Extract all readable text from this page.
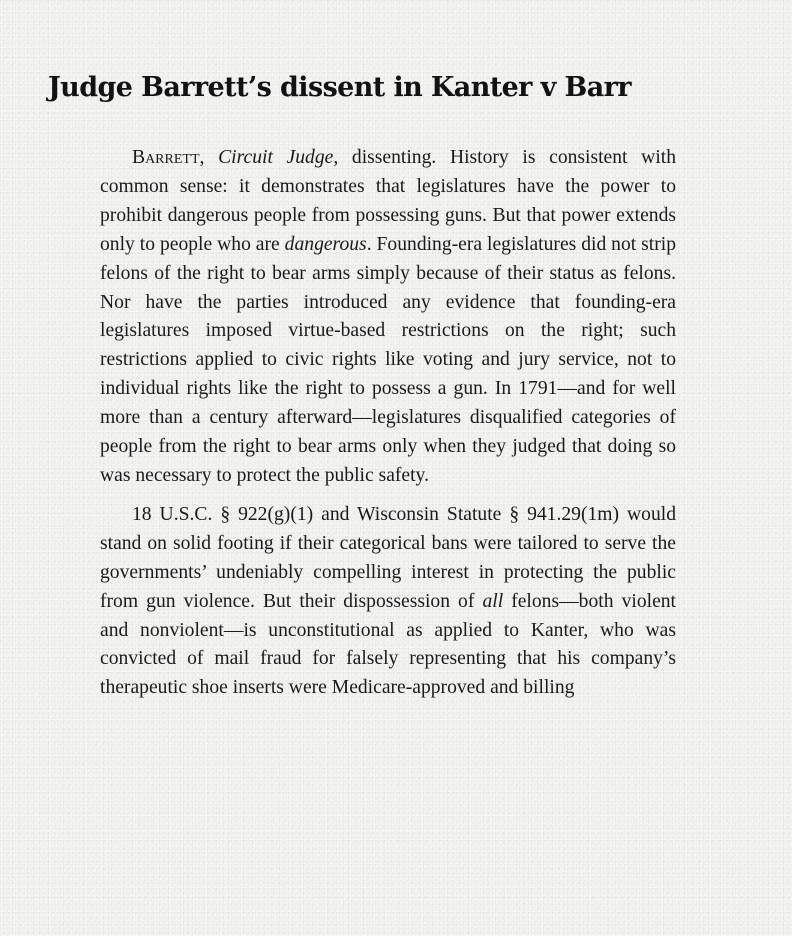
Judge Barrett’s dissent in Kanter v Barr

Barrett, Circuit Judge, dissenting. History is consistent with common sense: it demonstrates that legislatures have the power to prohibit dangerous people from possessing guns. But that power extends only to people who are dangerous. Founding-era legislatures did not strip felons of the right to bear arms simply because of their status as felons. Nor have the parties introduced any evidence that founding-era legislatures imposed virtue-based restrictions on the right; such restrictions applied to civic rights like voting and jury service, not to individual rights like the right to possess a gun. In 1791—and for well more than a century afterward—legislatures disqualified categories of people from the right to bear arms only when they judged that doing so was necessary to protect the public safety.

18 U.S.C. § 922(g)(1) and Wisconsin Statute § 941.29(1m) would stand on solid footing if their categorical bans were tailored to serve the governments’ undeniably compelling interest in protecting the public from gun violence. But their dispossession of all felons—both violent and nonviolent—is unconstitutional as applied to Kanter, who was convicted of mail fraud for falsely representing that his company’s therapeutic shoe inserts were Medicare-approved and billing
